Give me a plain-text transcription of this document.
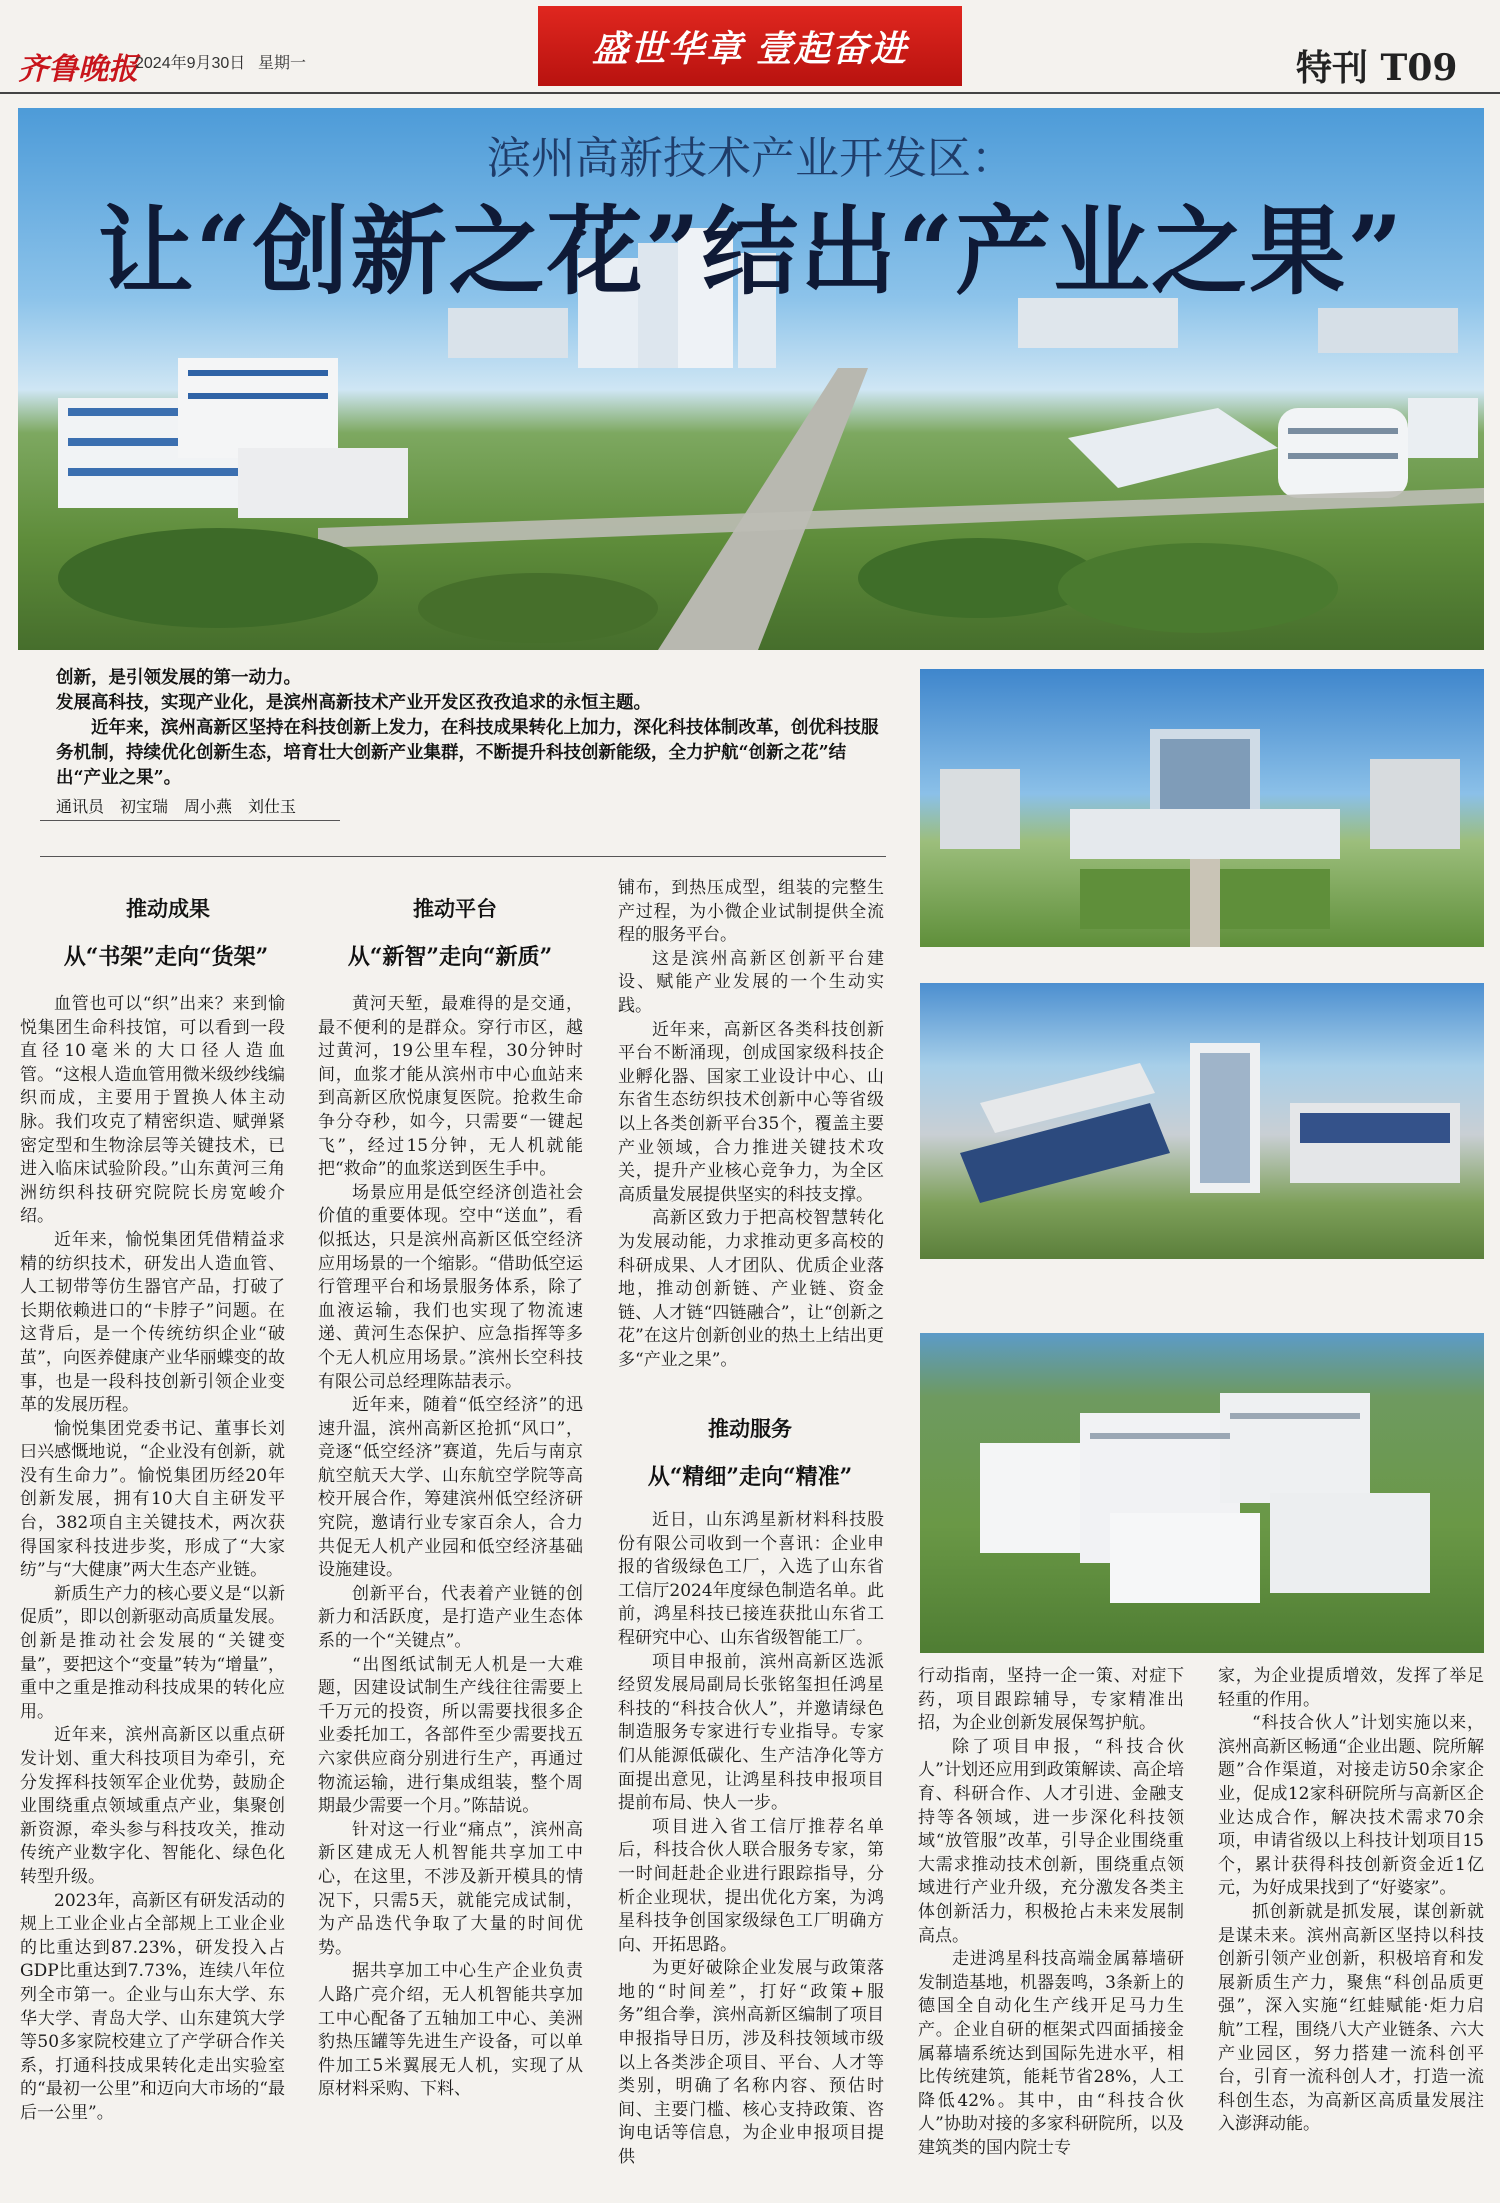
齐鲁晚报
2024年9月30日 星期一	盛世华章 壹起奋进	特刊 T09
滨州高新技术产业开发区：
让“创新之花”结出“产业之果”
创新，是引领发展的第一动力。
发展高科技，实现产业化，是滨州高新技术产业开发区孜孜追求的永恒主题。
近年来，滨州高新区坚持在科技创新上发力，在科技成果转化上加力，深化科技体制改革，创优科技服务机制，持续优化创新生态，培育壮大创新产业集群，不断提升科技创新能级，全力护航“创新之花”结出“产业之果”。
通讯员　初宝瑞　周小燕　刘仕玉
推动成果
从“书架”走向“货架”

血管也可以“织”出来？来到愉悦集团生命科技馆，可以看到一段直径10毫米的大口径人造血管。“这根人造血管用微米级纱线编织而成，主要用于置换人体主动脉。我们攻克了精密织造、赋弹紧密定型和生物涂层等关键技术，已进入临床试验阶段。”山东黄河三角洲纺织科技研究院院长房宽峻介绍。

近年来，愉悦集团凭借精益求精的纺织技术，研发出人造血管、人工韧带等仿生器官产品，打破了长期依赖进口的“卡脖子”问题。在这背后，是一个传统纺织企业“破茧”，向医养健康产业华丽蝶变的故事，也是一段科技创新引领企业变革的发展历程。

愉悦集团党委书记、董事长刘曰兴感慨地说，“企业没有创新，就没有生命力”。愉悦集团历经20年创新发展，拥有10大自主研发平台，382项自主关键技术，两次获得国家科技进步奖，形成了“大家纺”与“大健康”两大生态产业链。

新质生产力的核心要义是“以新促质”，即以创新驱动高质量发展。创新是推动社会发展的“关键变量”，要把这个“变量”转为“增量”，重中之重是推动科技成果的转化应用。

近年来，滨州高新区以重点研发计划、重大科技项目为牵引，充分发挥科技领军企业优势，鼓励企业围绕重点领域重点产业，集聚创新资源，牵头参与科技攻关，推动传统产业数字化、智能化、绿色化转型升级。

2023年，高新区有研发活动的规上工业企业占全部规上工业企业的比重达到87.23%，研发投入占GDP比重达到7.73%，连续八年位列全市第一。企业与山东大学、东华大学、青岛大学、山东建筑大学等50多家院校建立了产学研合作关系，打通科技成果转化走出实验室的“最初一公里”和迈向大市场的“最后一公里”。

推动平台
从“新智”走向“新质”

黄河天堑，最难得的是交通，最不便利的是群众。穿行市区，越过黄河，19公里车程，30分钟时间，血浆才能从滨州市中心血站来到高新区欣悦康复医院。抢救生命争分夺秒，如今，只需要“一键起飞”，经过15分钟，无人机就能把“救命”的血浆送到医生手中。

场景应用是低空经济创造社会价值的重要体现。空中“送血”，看似抵达，只是滨州高新区低空经济应用场景的一个缩影。“借助低空运行管理平台和场景服务体系，除了血液运输，我们也实现了物流速递、黄河生态保护、应急指挥等多个无人机应用场景。”滨州长空科技有限公司总经理陈喆表示。

近年来，随着“低空经济”的迅速升温，滨州高新区抢抓“风口”，竞逐“低空经济”赛道，先后与南京航空航天大学、山东航空学院等高校开展合作，筹建滨州低空经济研究院，邀请行业专家百余人，合力共促无人机产业园和低空经济基础设施建设。

创新平台，代表着产业链的创新力和活跃度，是打造产业生态体系的一个“关键点”。

“出图纸试制无人机是一大难题，因建设试制生产线往往需要上千万元的投资，所以需要找很多企业委托加工，各部件至少需要找五六家供应商分别进行生产，再通过物流运输，进行集成组装，整个周期最少需要一个月。”陈喆说。

针对这一行业“痛点”，滨州高新区建成无人机智能共享加工中心，在这里，不涉及新开模具的情况下，只需5天，就能完成试制，为产品迭代争取了大量的时间优势。

据共享加工中心生产企业负责人路广亮介绍，无人机智能共享加工中心配备了五轴加工中心、美洲豹热压罐等先进生产设备，可以单件加工5米翼展无人机，实现了从原材料采购、下料、

铺布，到热压成型，组装的完整生产过程，为小微企业试制提供全流程的服务平台。

这是滨州高新区创新平台建设、赋能产业发展的一个生动实践。

近年来，高新区各类科技创新平台不断涌现，创成国家级科技企业孵化器、国家工业设计中心、山东省生态纺织技术创新中心等省级以上各类创新平台35个，覆盖主要产业领域，合力推进关键技术攻关，提升产业核心竞争力，为全区高质量发展提供坚实的科技支撑。

高新区致力于把高校智慧转化为发展动能，力求推动更多高校的科研成果、人才团队、优质企业落地，推动创新链、产业链、资金链、人才链“四链融合”，让“创新之花”在这片创新创业的热土上结出更多“产业之果”。

推动服务
从“精细”走向“精准”

近日，山东鸿星新材料科技股份有限公司收到一个喜讯：企业申报的省级绿色工厂，入选了山东省工信厅2024年度绿色制造名单。此前，鸿星科技已接连获批山东省工程研究中心、山东省级智能工厂。

项目申报前，滨州高新区选派经贸发展局副局长张铭玺担任鸿星科技的“科技合伙人”，并邀请绿色制造服务专家进行专业指导。专家们从能源低碳化、生产洁净化等方面提出意见，让鸿星科技申报项目提前布局、快人一步。

项目进入省工信厅推荐名单后，科技合伙人联合服务专家，第一时间赶赴企业进行跟踪指导，分析企业现状，提出优化方案，为鸿星科技争创国家级绿色工厂明确方向、开拓思路。

为更好破除企业发展与政策落地的“时间差”，打好“政策+服务”组合拳，滨州高新区编制了项目申报指导日历，涉及科技领域市级以上各类涉企项目、平台、人才等类别，明确了名称内容、预估时间、主要门槛、核心支持政策、咨询电话等信息，为企业申报项目提供

行动指南，坚持一企一策、对症下药，项目跟踪辅导，专家精准出招，为企业创新发展保驾护航。

除了项目申报，“科技合伙人”计划还应用到政策解读、高企培育、科研合作、人才引进、金融支持等各领域，进一步深化科技领域“放管服”改革，引导企业围绕重大需求推动技术创新，围绕重点领域进行产业升级，充分激发各类主体创新活力，积极抢占未来发展制高点。

走进鸿星科技高端金属幕墙研发制造基地，机器轰鸣，3条新上的德国全自动化生产线开足马力生产。企业自研的框架式四面插接金属幕墙系统达到国际先进水平，相比传统建筑，能耗节省28%，人工降低42%。其中，由“科技合伙人”协助对接的多家科研院所，以及建筑类的国内院士专

家，为企业提质增效，发挥了举足轻重的作用。

“科技合伙人”计划实施以来，滨州高新区畅通“企业出题、院所解题”合作渠道，对接走访50余家企业，促成12家科研院所与高新区企业达成合作，解决技术需求70余项，申请省级以上科技计划项目15个，累计获得科技创新资金近1亿元，为好成果找到了“好婆家”。

抓创新就是抓发展，谋创新就是谋未来。滨州高新区坚持以科技创新引领产业创新，积极培育和发展新质生产力，聚焦“科创品质更强”，深入实施“红蛙赋能·炬力启航”工程，围绕八大产业链条、六大产业园区，努力搭建一流科创平台，引育一流科创人才，打造一流科创生态，为高新区高质量发展注入澎湃动能。
